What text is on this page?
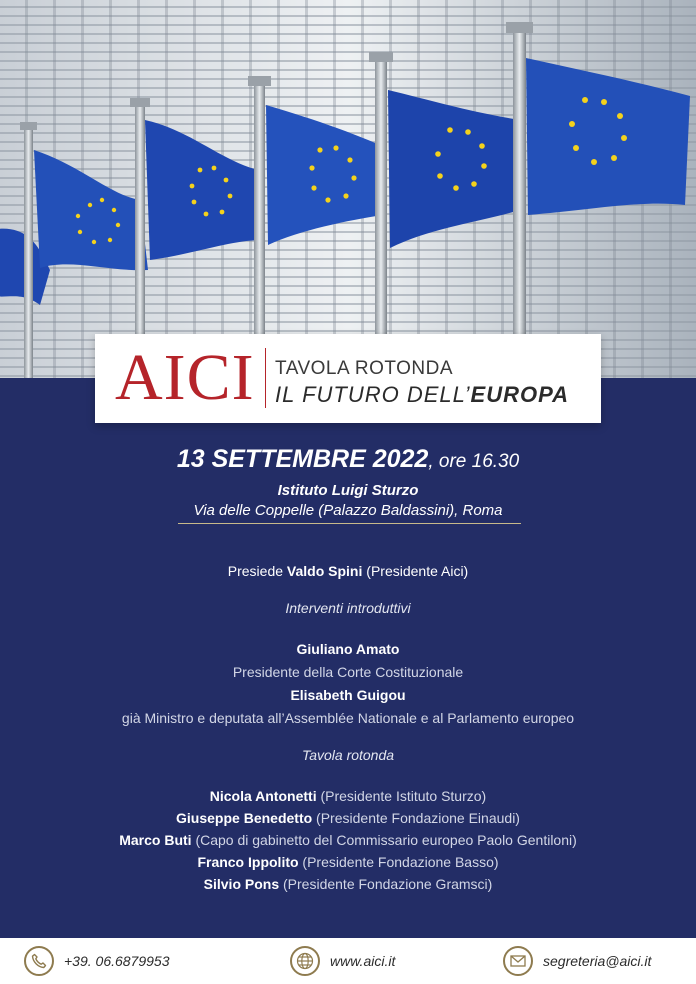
AICI TAVOLA ROTONDA
IL FUTURO DELL’EUROPA
13 SETTEMBRE 2022, ore 16.30
Istituto Luigi Sturzo
Via delle Coppelle (Palazzo Baldassini), Roma
Presiede Valdo Spini (Presidente Aici)
Interventi introduttivi
Giuliano Amato
Presidente della Corte Costituzionale
Elisabeth Guigou
già Ministro e deputata all’Assemblée Nationale e al Parlamento europeo
Tavola rotonda
Nicola Antonetti (Presidente Istituto Sturzo)
Giuseppe Benedetto (Presidente Fondazione Einaudi)
Marco Buti (Capo di gabinetto del Commissario europeo Paolo Gentiloni)
Franco Ippolito (Presidente Fondazione Basso)
Silvio Pons (Presidente Fondazione Gramsci)
+39. 06.6879953	www.aici.it	segreteria@aici.it
